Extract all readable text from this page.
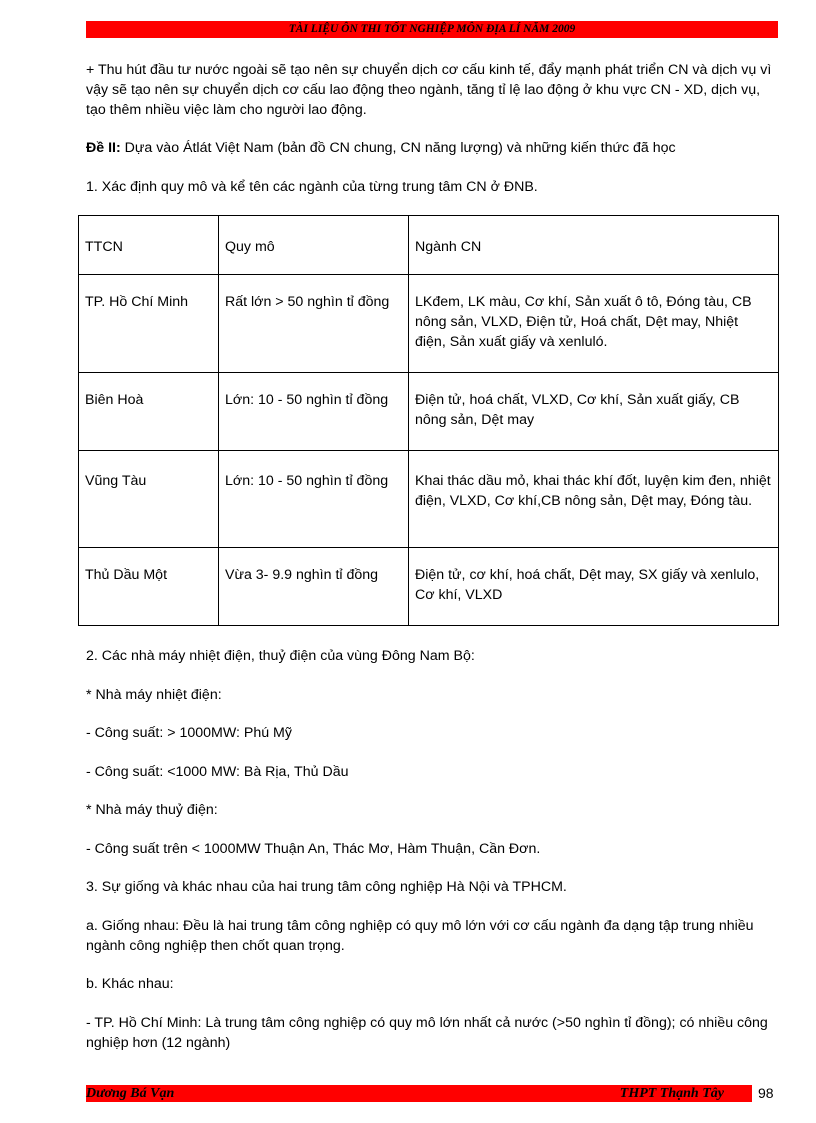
TÀI LIỆU ÔN THI TỐT NGHIỆP MÔN ĐỊA LÍ NĂM 2009

+ Thu hút đầu tư nước ngoài sẽ tạo nên sự chuyển dịch cơ cấu kinh tế, đẩy mạnh phát triển CN và dịch vụ vì vậy sẽ tạo nên sự chuyển dịch cơ cấu lao động theo ngành, tăng tỉ lệ lao động ở khu vực CN - XD, dịch vụ, tạo thêm nhiều việc làm cho người lao động.

Đề II: Dựa vào Átlát Việt Nam (bản đồ CN chung, CN năng lượng) và những kiến thức đã học

1. Xác định quy mô và kể tên các ngành của từng trung tâm CN ở ĐNB.

TTCN	Quy mô	Ngành CN
TP. Hồ Chí Minh	Rất lớn > 50 nghìn tỉ đồng	LKđem, LK màu, Cơ khí, Sản xuất ô tô, Đóng tàu, CB nông sản, VLXD, Điện tử, Hoá chất, Dệt may, Nhiệt điện, Sản xuất giấy và xenluló.
Biên Hoà	Lớn: 10 - 50 nghìn tỉ đồng	Điện tử, hoá chất, VLXD, Cơ khí, Sản xuất giấy, CB nông sản, Dệt may
Vũng Tàu	Lớn: 10 - 50 nghìn tỉ đồng	Khai thác dầu mỏ, khai thác khí đốt, luyện kim đen, nhiệt điện, VLXD, Cơ khí,CB nông sản, Dệt may, Đóng tàu.
Thủ Dầu Một	Vừa 3- 9.9 nghìn tỉ đồng	Điện tử, cơ khí, hoá chất, Dệt may, SX giấy và xenlulo, Cơ khí, VLXD

2. Các nhà máy nhiệt điện, thuỷ điện của vùng Đông Nam Bộ:

* Nhà máy nhiệt điện:

- Công suất: > 1000MW: Phú Mỹ

- Công suất: <1000 MW: Bà Rịa, Thủ Dầu

* Nhà máy thuỷ điện:

- Công suất trên < 1000MW Thuận An, Thác Mơ, Hàm Thuận, Cần Đơn.

3. Sự giống và khác nhau của hai trung tâm công nghiệp Hà Nội và TPHCM.

a. Giống nhau: Đều là hai trung tâm công nghiệp có quy mô lớn với cơ cấu ngành đa dạng tập trung nhiều ngành công nghiệp then chốt quan trọng.

b. Khác nhau:

- TP. Hồ Chí Minh: Là trung tâm công nghiệp có quy mô lớn nhất cả nước (>50 nghìn tỉ đồng); có nhiều công nghiệp hơn (12 ngành)

Dương Bá Vạn	THPT Thạnh Tây	98
